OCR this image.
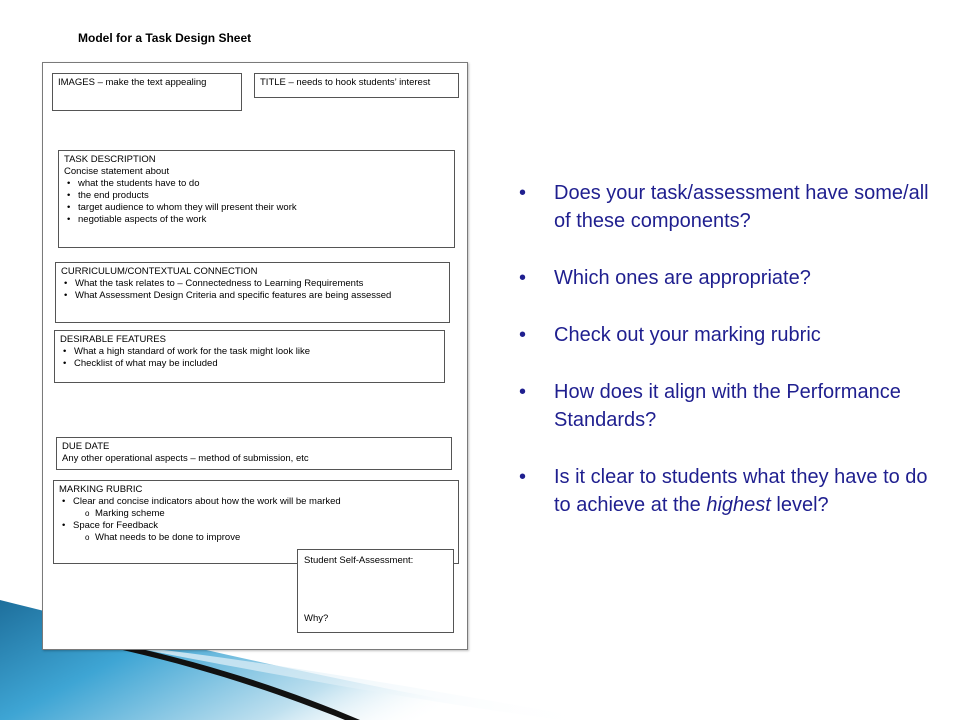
Model for a Task Design Sheet
IMAGES – make the text appealing	TITLE – needs to hook students’ interest
TASK DESCRIPTION
Concise statement about
• what the students have to do
• the end products
• target audience to whom they will present their work
• negotiable aspects of the work
CURRICULUM/CONTEXTUAL CONNECTION
• What the task relates to – Connectedness to Learning Requirements
• What Assessment Design Criteria and specific features are being assessed
DESIRABLE FEATURES
• What a high standard of work for the task might look like
• Checklist of what may be included
DUE DATE
Any other operational aspects – method of submission, etc
MARKING RUBRIC
• Clear and concise indicators about how the work will be marked
o Marking scheme
• Space for Feedback
o What needs to be done to improve
Student Self-Assessment:
Why?
• Does your task/assessment have some/all of these components?
• Which ones are appropriate?
• Check out your marking rubric
• How does it align with the Performance Standards?
• Is it clear to students what they have to do to achieve at the highest level?
